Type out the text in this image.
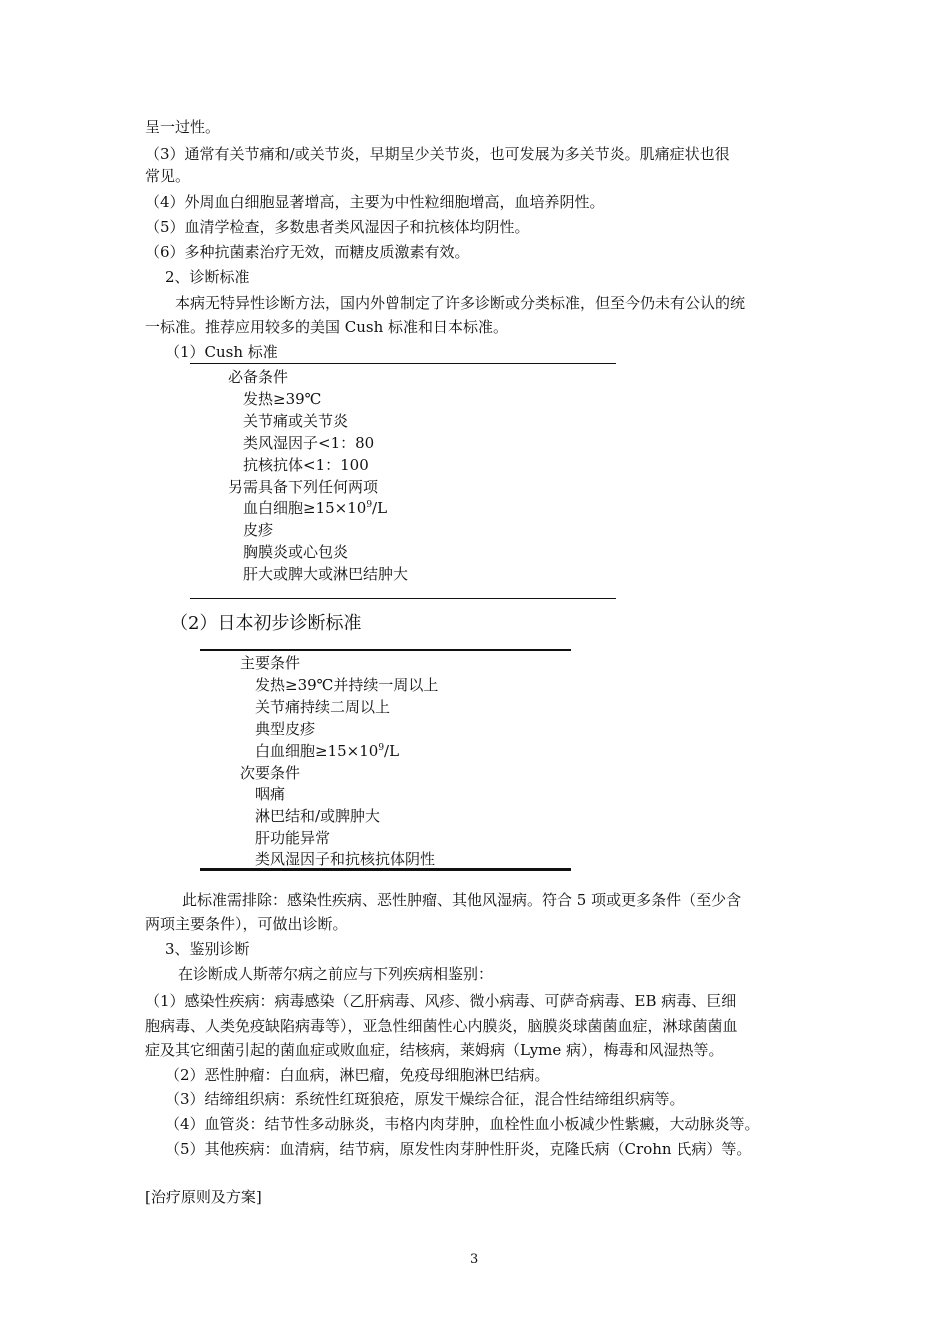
呈一过性。
（3）通常有关节痛和/或关节炎，早期呈少关节炎，也可发展为多关节炎。肌痛症状也很
常见。
（4）外周血白细胞显著增高，主要为中性粒细胞增高，血培养阴性。
（5）血清学检查，多数患者类风湿因子和抗核体均阴性。
（6）多种抗菌素治疗无效，而糖皮质激素有效。
2、诊断标准
本病无特异性诊断方法，国内外曾制定了许多诊断或分类标准，但至今仍未有公认的统
一标准。推荐应用较多的美国 Cush 标准和日本标准。
（1）Cush 标准
必备条件
发热≥39℃
关节痛或关节炎
类风湿因子<1：80
抗核抗体<1：100
另需具备下列任何两项
血白细胞$\ge 15\times 10^9/L$
皮疹
胸膜炎或心包炎
肝大或脾大或淋巴结肿大
（2）日本初步诊断标准
主要条件
发热≥39℃并持续一周以上
关节痛持续二周以上
典型皮疹
白血细胞$\ge 15\times 10^9/L$
次要条件
咽痛
淋巴结和/或脾肿大
肝功能异常
类风湿因子和抗核抗体阴性
此标准需排除：感染性疾病、恶性肿瘤、其他风湿病。符合 5 项或更多条件（至少含
两项主要条件），可做出诊断。
3、鉴别诊断
在诊断成人斯蒂尔病之前应与下列疾病相鉴别：
（1）感染性疾病：病毒感染（乙肝病毒、风疹、微小病毒、可萨奇病毒、EB 病毒、巨细
胞病毒、人类免疫缺陷病毒等），亚急性细菌性心内膜炎，脑膜炎球菌菌血症，淋球菌菌血
症及其它细菌引起的菌血症或败血症，结核病，莱姆病（Lyme 病），梅毒和风湿热等。
（2）恶性肿瘤：白血病，淋巴瘤，免疫母细胞淋巴结病。
（3）结缔组织病：系统性红斑狼疮，原发干燥综合征，混合性结缔组织病等。
（4）血管炎：结节性多动脉炎，韦格内肉芽肿，血栓性血小板减少性紫癜，大动脉炎等。
（5）其他疾病：血清病，结节病，原发性肉芽肿性肝炎，克隆氏病（Crohn 氏病）等。
[治疗原则及方案]
3
